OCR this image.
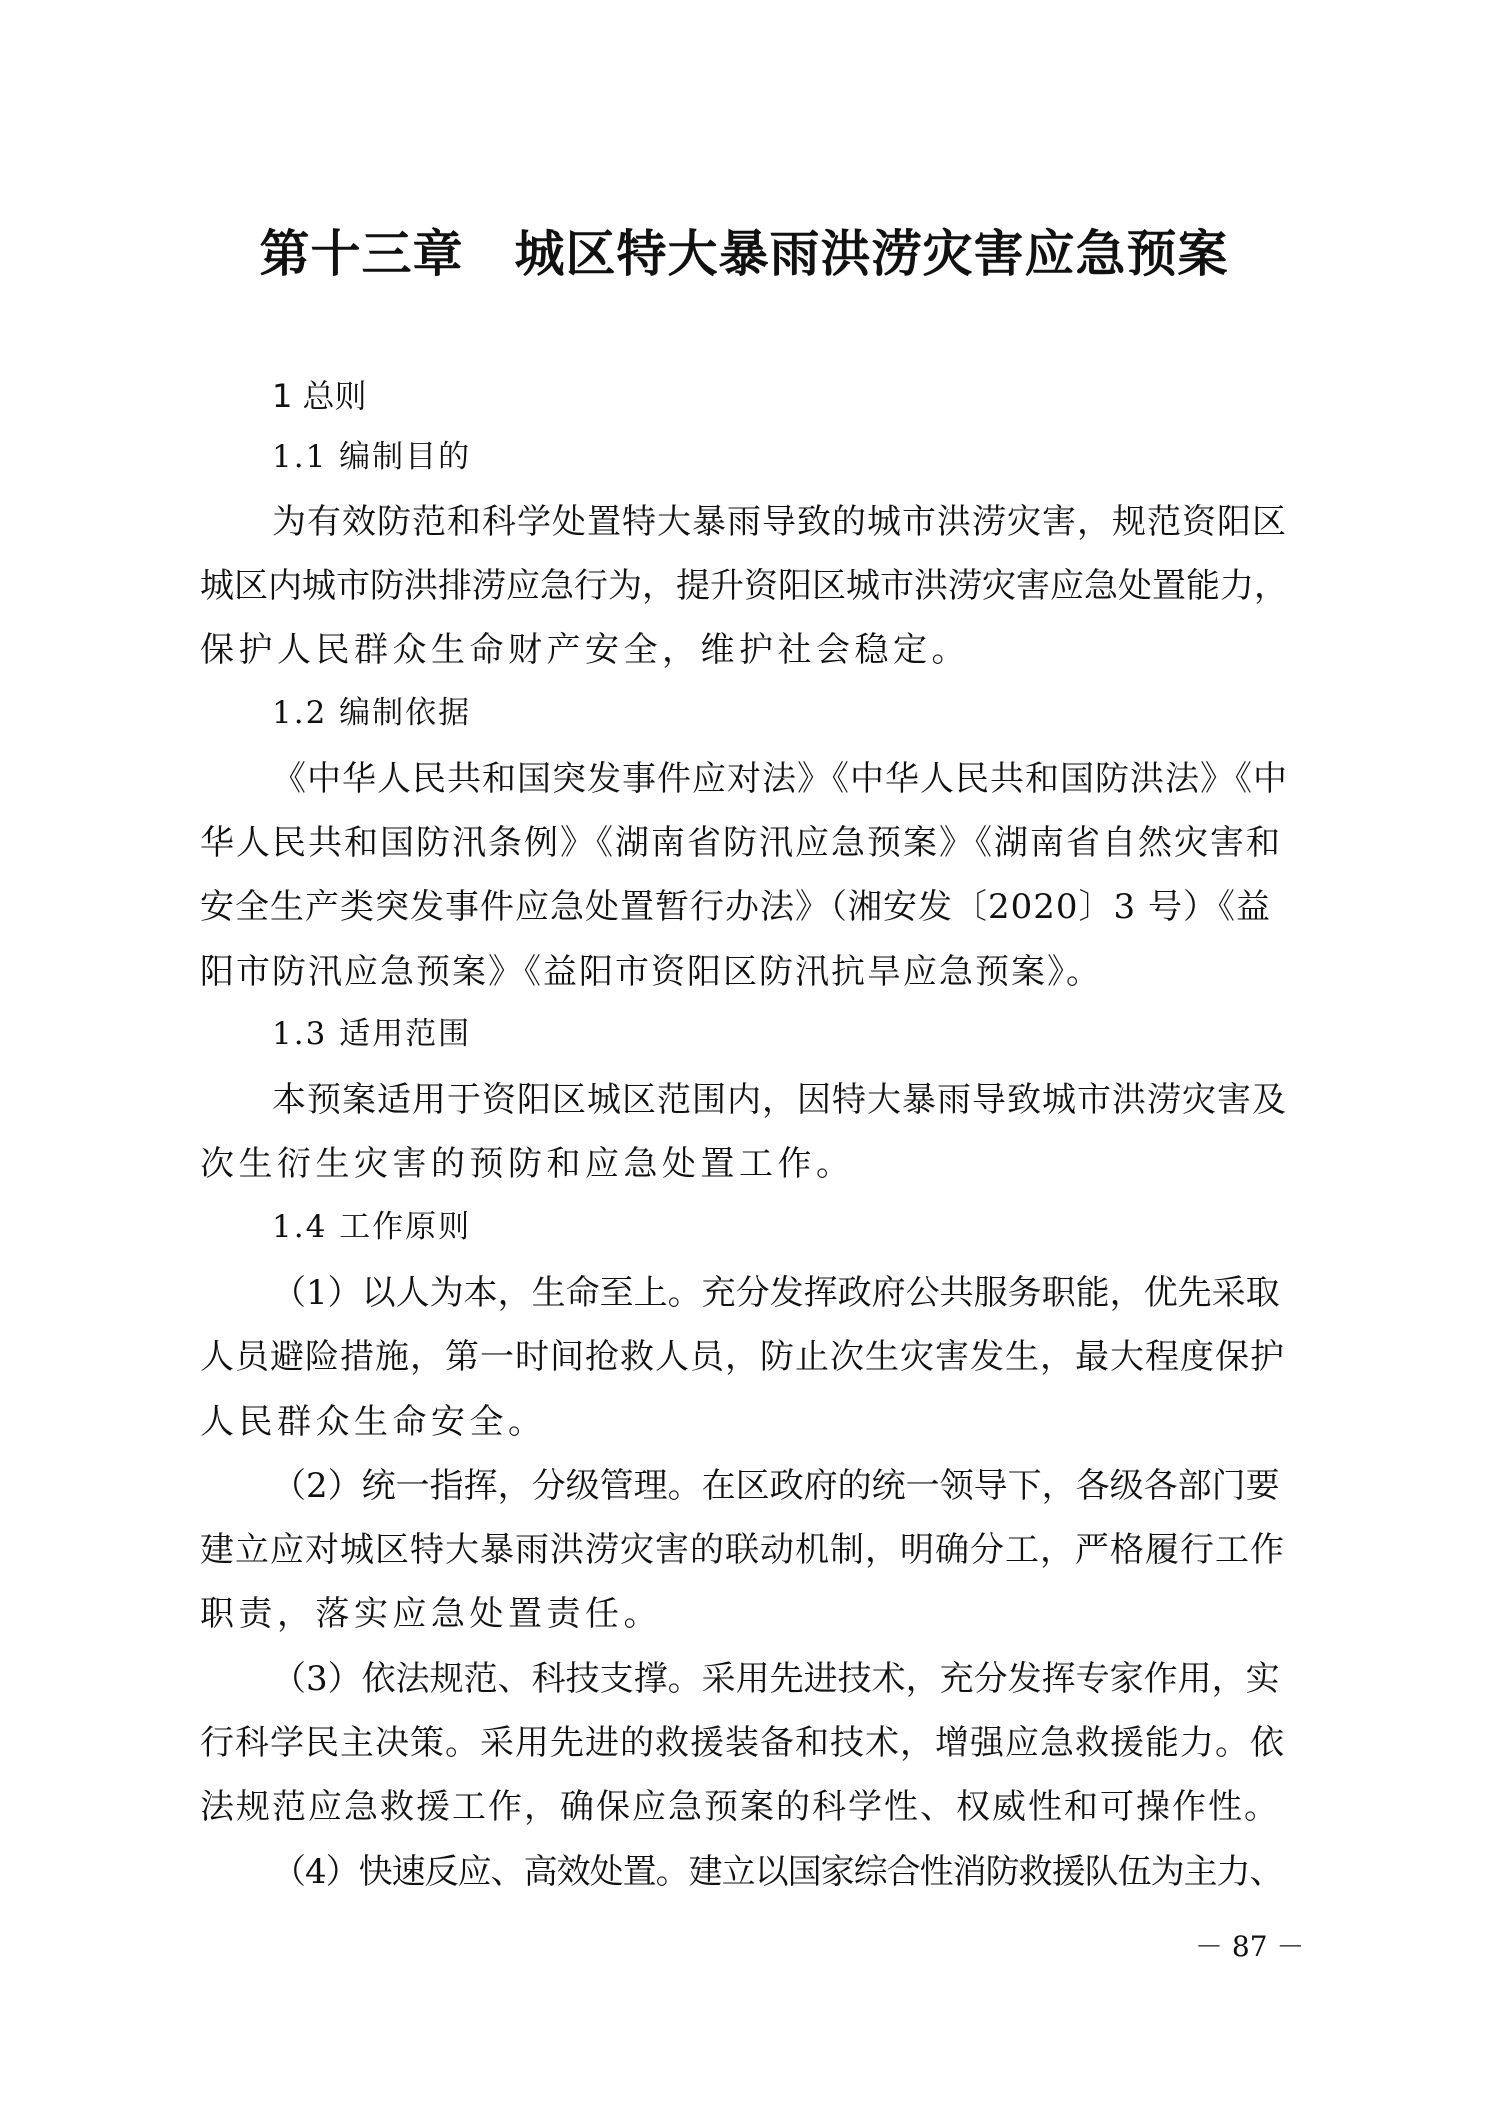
第十三章　城区特大暴雨洪涝灾害应急预案
1 总则
1.1 编制目的
为有效防范和科学处置特大暴雨导致的城市洪涝灾害，规范资阳区
城区内城市防洪排涝应急行为，提升资阳区城市洪涝灾害应急处置能力，
保护人民群众生命财产安全，维护社会稳定。
1.2 编制依据
《中华人民共和国突发事件应对法》《中华人民共和国防洪法》《中
华人民共和国防汛条例》《湖南省防汛应急预案》《湖南省自然灾害和
安全生产类突发事件应急处置暂行办法》（湘安发〔2020〕3 号）《益
阳市防汛应急预案》《益阳市资阳区防汛抗旱应急预案》。
1.3 适用范围
本预案适用于资阳区城区范围内，因特大暴雨导致城市洪涝灾害及
次生衍生灾害的预防和应急处置工作。
1.4 工作原则
（1）以人为本，生命至上。充分发挥政府公共服务职能，优先采取
人员避险措施，第一时间抢救人员，防止次生灾害发生，最大程度保护
人民群众生命安全。
（2）统一指挥，分级管理。在区政府的统一领导下，各级各部门要
建立应对城区特大暴雨洪涝灾害的联动机制，明确分工，严格履行工作
职责，落实应急处置责任。
（3）依法规范、科技支撑。采用先进技术，充分发挥专家作用，实
行科学民主决策。采用先进的救援装备和技术，增强应急救援能力。依
法规范应急救援工作，确保应急预案的科学性、权威性和可操作性。
（4）快速反应、高效处置。建立以国家综合性消防救援队伍为主力、
－ 87 －
